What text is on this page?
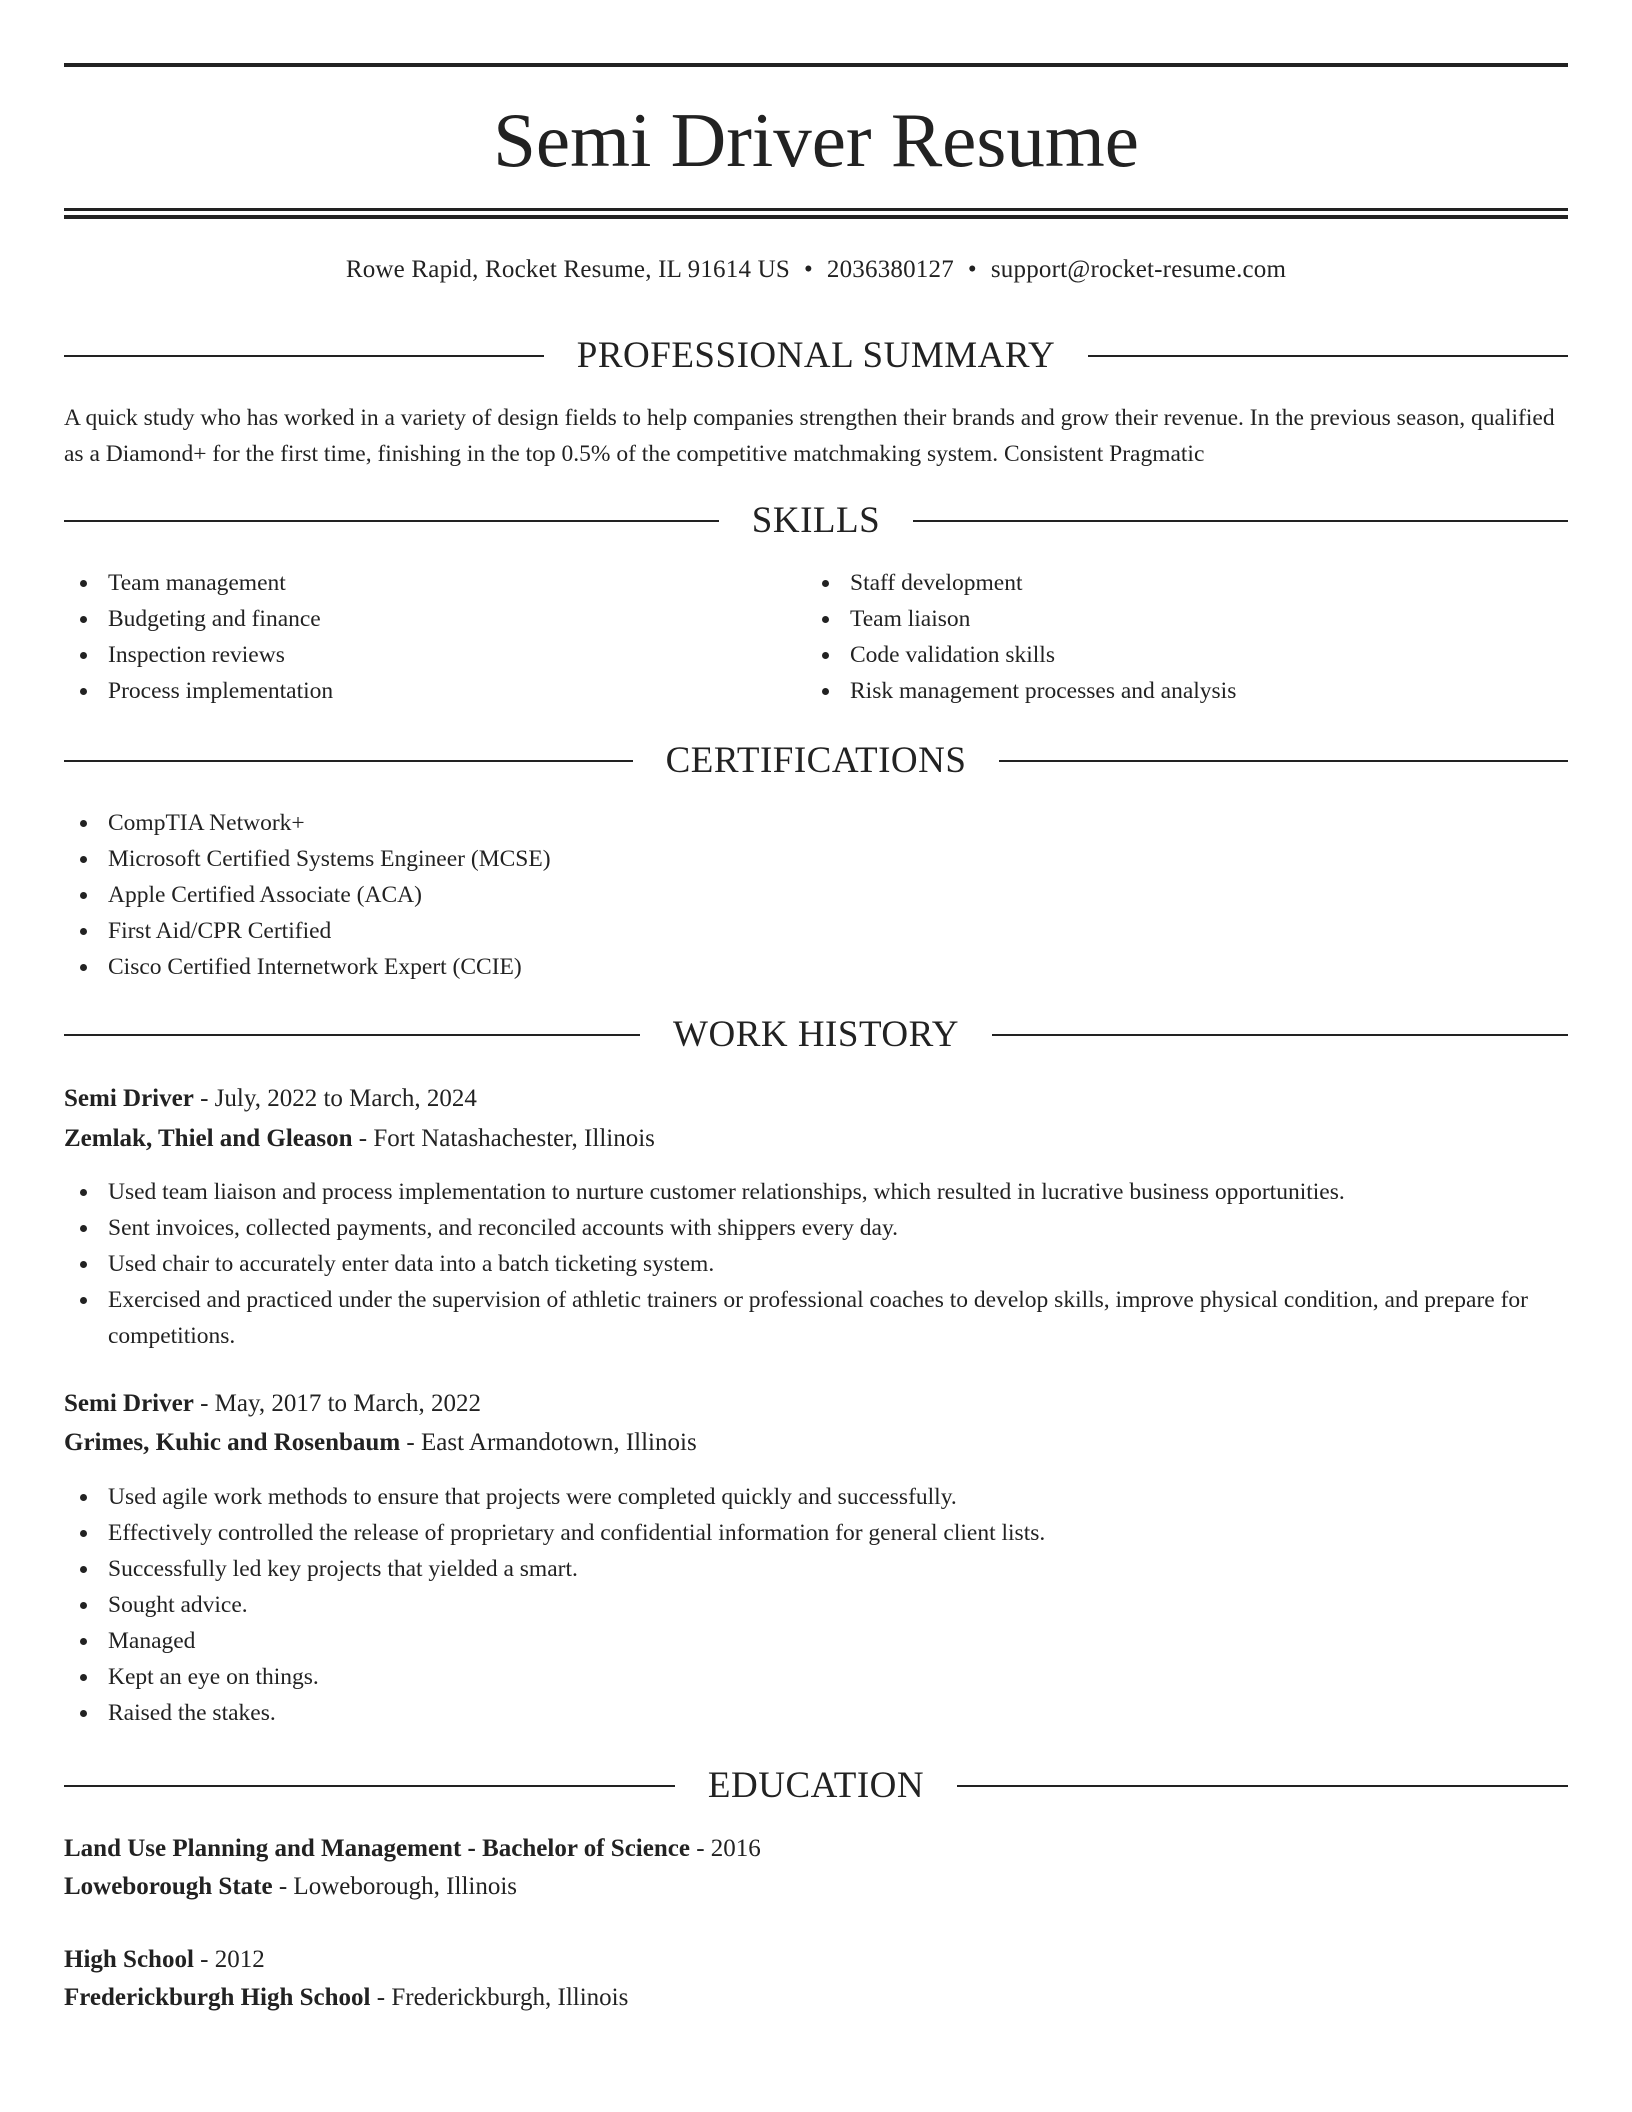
Semi Driver Resume
Rowe Rapid, Rocket Resume, IL 91614 US • 2036380127 • support@rocket-resume.com
PROFESSIONAL SUMMARY
A quick study who has worked in a variety of design fields to help companies strengthen their brands and grow their revenue. In the previous season, qualified as a Diamond+ for the first time, finishing in the top 0.5% of the competitive matchmaking system. Consistent Pragmatic
SKILLS
Team management
Budgeting and finance
Inspection reviews
Process implementation
Staff development
Team liaison
Code validation skills
Risk management processes and analysis
CERTIFICATIONS
CompTIA Network+
Microsoft Certified Systems Engineer (MCSE)
Apple Certified Associate (ACA)
First Aid/CPR Certified
Cisco Certified Internetwork Expert (CCIE)
WORK HISTORY
Semi Driver - July, 2022 to March, 2024
Zemlak, Thiel and Gleason - Fort Natashachester, Illinois
Used team liaison and process implementation to nurture customer relationships, which resulted in lucrative business opportunities.
Sent invoices, collected payments, and reconciled accounts with shippers every day.
Used chair to accurately enter data into a batch ticketing system.
Exercised and practiced under the supervision of athletic trainers or professional coaches to develop skills, improve physical condition, and prepare for competitions.
Semi Driver - May, 2017 to March, 2022
Grimes, Kuhic and Rosenbaum - East Armandotown, Illinois
Used agile work methods to ensure that projects were completed quickly and successfully.
Effectively controlled the release of proprietary and confidential information for general client lists.
Successfully led key projects that yielded a smart.
Sought advice.
Managed
Kept an eye on things.
Raised the stakes.
EDUCATION
Land Use Planning and Management - Bachelor of Science - 2016
Loweborough State - Loweborough, Illinois
High School - 2012
Frederickburgh High School - Frederickburgh, Illinois
